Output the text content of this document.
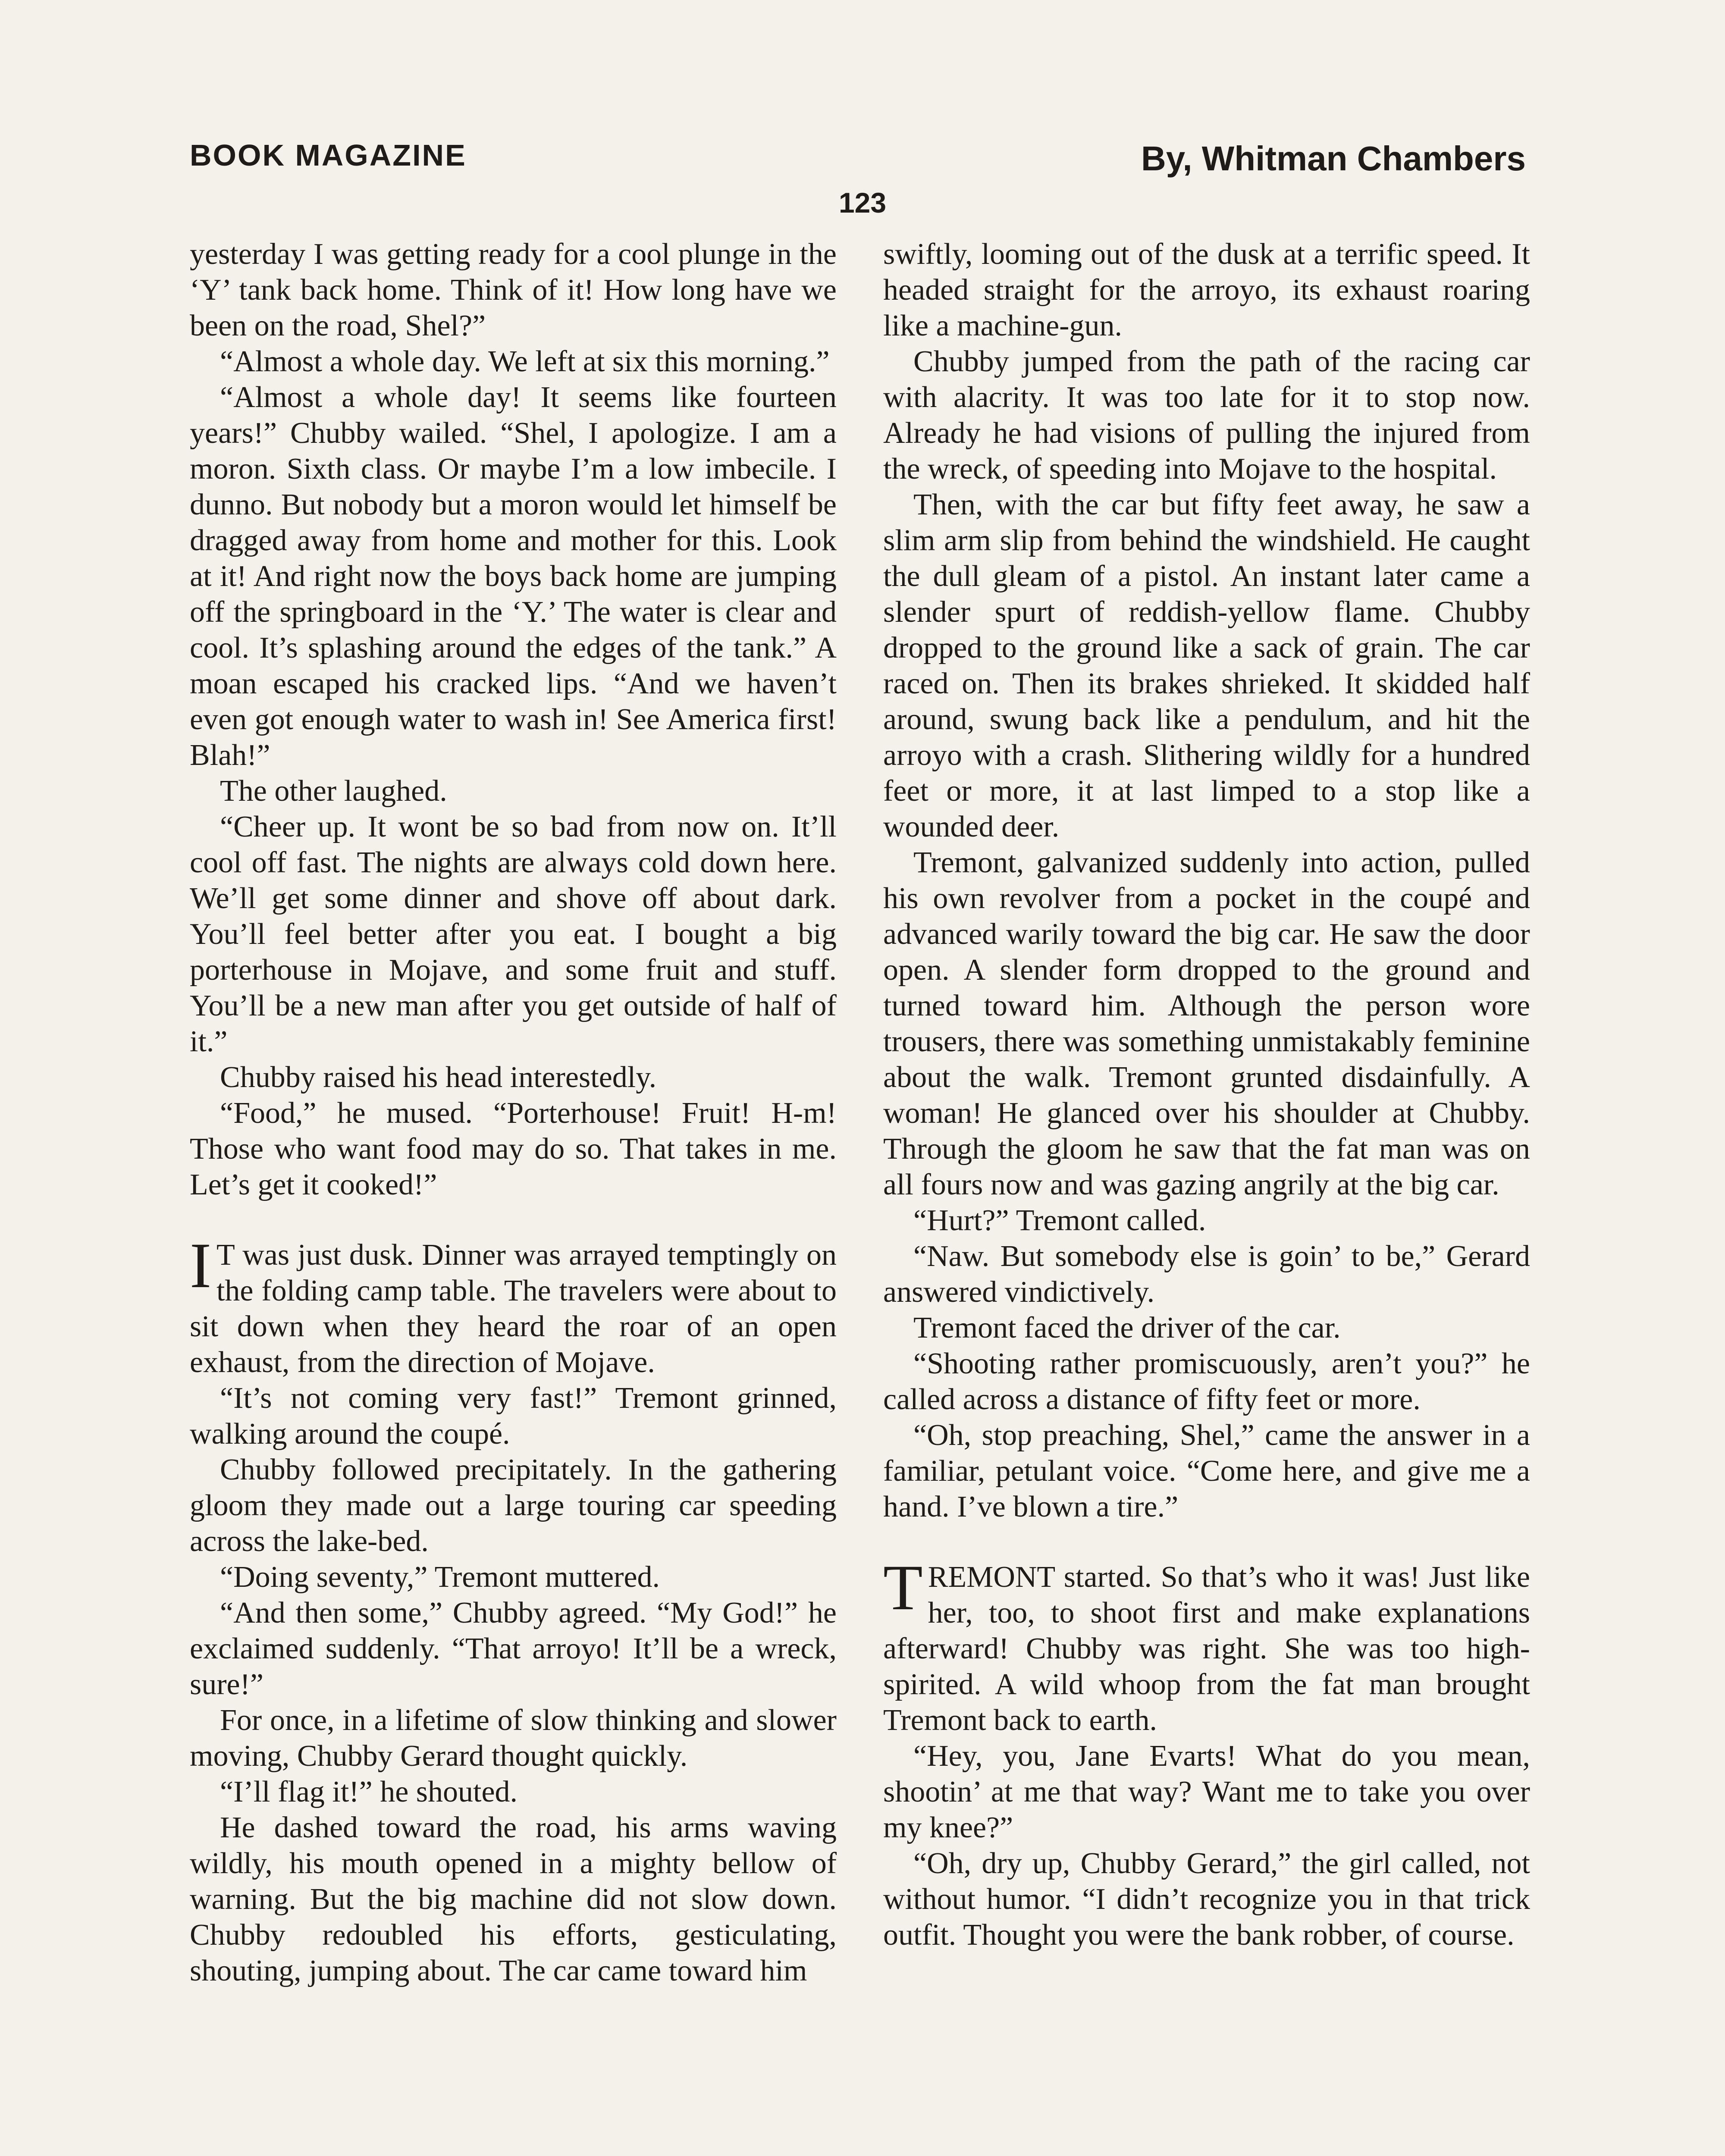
BOOK MAGAZINE	By, Whitman Chambers
123

yesterday I was getting ready for a cool plunge in the ‘Y’ tank back home. Think of it! How long have we been on the road, Shel?”

“Almost a whole day. We left at six this morning.”

“Almost a whole day! It seems like fourteen years!” Chubby wailed. “Shel, I apologize. I am a moron. Sixth class. Or maybe I’m a low imbecile. I dunno. But nobody but a moron would let himself be dragged away from home and mother for this. Look at it! And right now the boys back home are jumping off the springboard in the ‘Y.’ The water is clear and cool. It’s splashing around the edges of the tank.” A moan escaped his cracked lips. “And we haven’t even got enough water to wash in! See America first! Blah!”

The other laughed.

“Cheer up. It wont be so bad from now on. It’ll cool off fast. The nights are always cold down here. We’ll get some dinner and shove off about dark. You’ll feel better after you eat. I bought a big porterhouse in Mojave, and some fruit and stuff. You’ll be a new man after you get outside of half of it.”

Chubby raised his head interestedly.

“Food,” he mused. “Porterhouse! Fruit! H-m! Those who want food may do so. That takes in me. Let’s get it cooked!”

I T was just dusk. Dinner was arrayed temptingly on the folding camp table. The travelers were about to sit down when they heard the roar of an open exhaust, from the direction of Mojave.

“It’s not coming very fast!” Tremont grinned, walking around the coupé.

Chubby followed precipitately. In the gathering gloom they made out a large touring car speeding across the lake-bed.

“Doing seventy,” Tremont muttered.

“And then some,” Chubby agreed. “My God!” he exclaimed suddenly. “That arroyo! It’ll be a wreck, sure!”

For once, in a lifetime of slow thinking and slower moving, Chubby Gerard thought quickly.

“I’ll flag it!” he shouted.

He dashed toward the road, his arms waving wildly, his mouth opened in a mighty bellow of warning. But the big machine did not slow down. Chubby redoubled his efforts, gesticulating, shouting, jumping about. The car came toward him

swiftly, looming out of the dusk at a terrific speed. It headed straight for the arroyo, its exhaust roaring like a machine-gun.

Chubby jumped from the path of the racing car with alacrity. It was too late for it to stop now. Already he had visions of pulling the injured from the wreck, of speeding into Mojave to the hospital.

Then, with the car but fifty feet away, he saw a slim arm slip from behind the windshield. He caught the dull gleam of a pistol. An instant later came a slender spurt of reddish-yellow flame. Chubby dropped to the ground like a sack of grain. The car raced on. Then its brakes shrieked. It skidded half around, swung back like a pendulum, and hit the arroyo with a crash. Slithering wildly for a hundred feet or more, it at last limped to a stop like a wounded deer.

Tremont, galvanized suddenly into action, pulled his own revolver from a pocket in the coupé and advanced warily toward the big car. He saw the door open. A slender form dropped to the ground and turned toward him. Although the person wore trousers, there was something unmistakably feminine about the walk. Tremont grunted disdainfully. A woman! He glanced over his shoulder at Chubby. Through the gloom he saw that the fat man was on all fours now and was gazing angrily at the big car.

“Hurt?” Tremont called.

“Naw. But somebody else is goin’ to be,” Gerard answered vindictively.

Tremont faced the driver of the car.

“Shooting rather promiscuously, aren’t you?” he called across a distance of fifty feet or more.

“Oh, stop preaching, Shel,” came the answer in a familiar, petulant voice. “Come here, and give me a hand. I’ve blown a tire.”

TREMONT started. So that’s who it was! Just like her, too, to shoot first and make explanations afterward! Chubby was right. She was too high-spirited. A wild whoop from the fat man brought Tremont back to earth.

“Hey, you, Jane Evarts! What do you mean, shootin’ at me that way? Want me to take you over my knee?”

“Oh, dry up, Chubby Gerard,” the girl called, not without humor. “I didn’t recognize you in that trick outfit. Thought you were the bank robber, of course.
